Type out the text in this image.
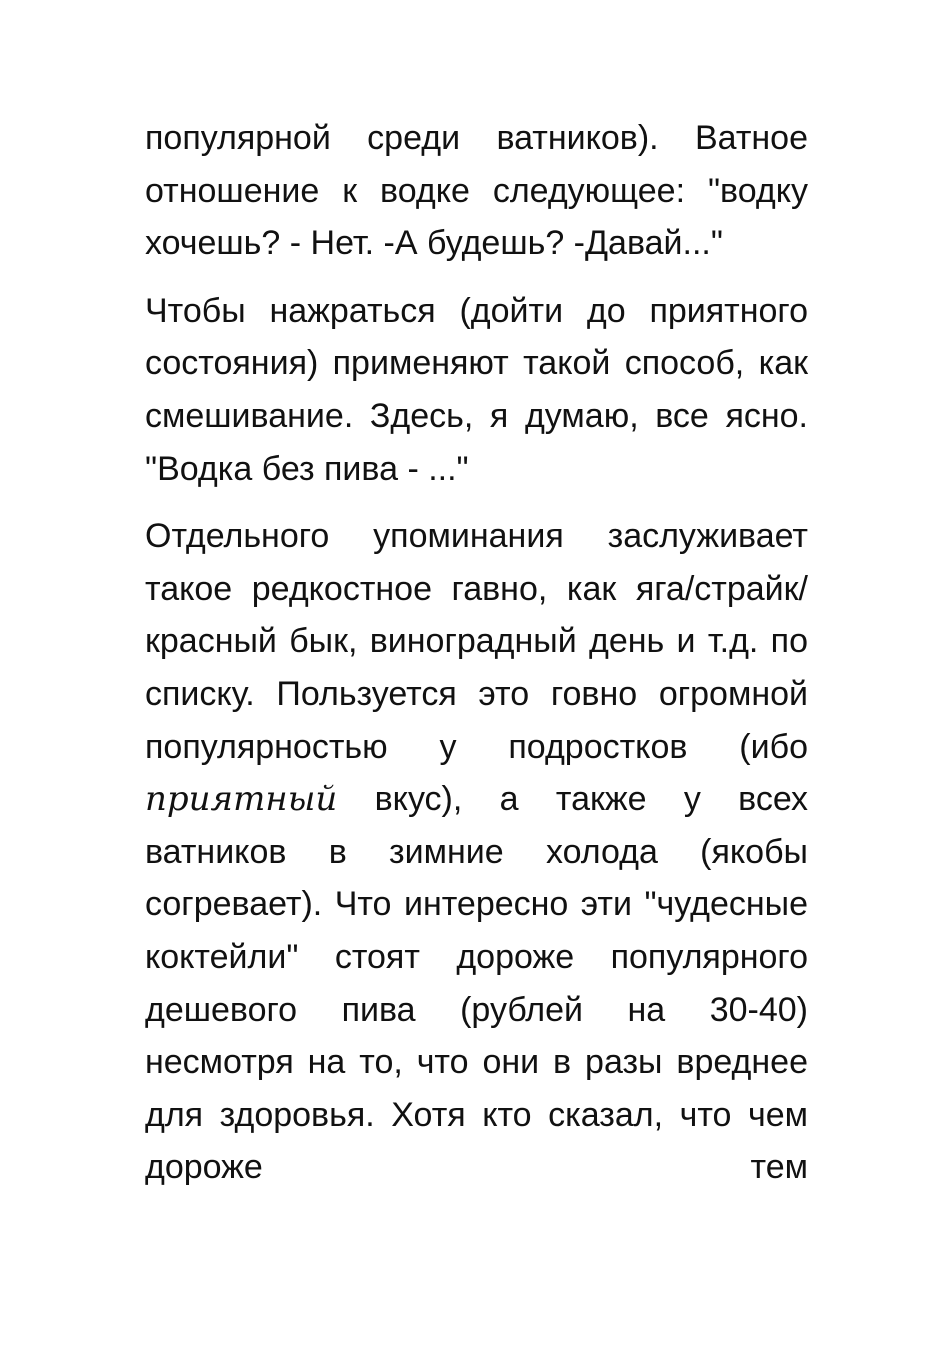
популярной среди ватников). Ватное отношение к водке следующее: "водку хочешь? - Нет. -А будешь? -Давай..."

Чтобы нажраться (дойти до приятного состояния) применяют такой способ, как смешивание. Здесь, я думаю, все ясно. "Водка без пива - ..."

Отдельного упоминания заслуживает такое редкостное гавно, как яга/страйк/красный бык, виноградный день и т.д. по списку. Пользуется это говно огромной популярностью у подростков (ибо приятный вкус), а также у всех ватников в зимние холода (якобы согревает). Что интересно эти "чудесные коктейли" стоят дороже популярного дешевого пива (рублей на 30-40) несмотря на то, что они в разы вреднее для здоровья. Хотя кто сказал, что чем дороже тем
